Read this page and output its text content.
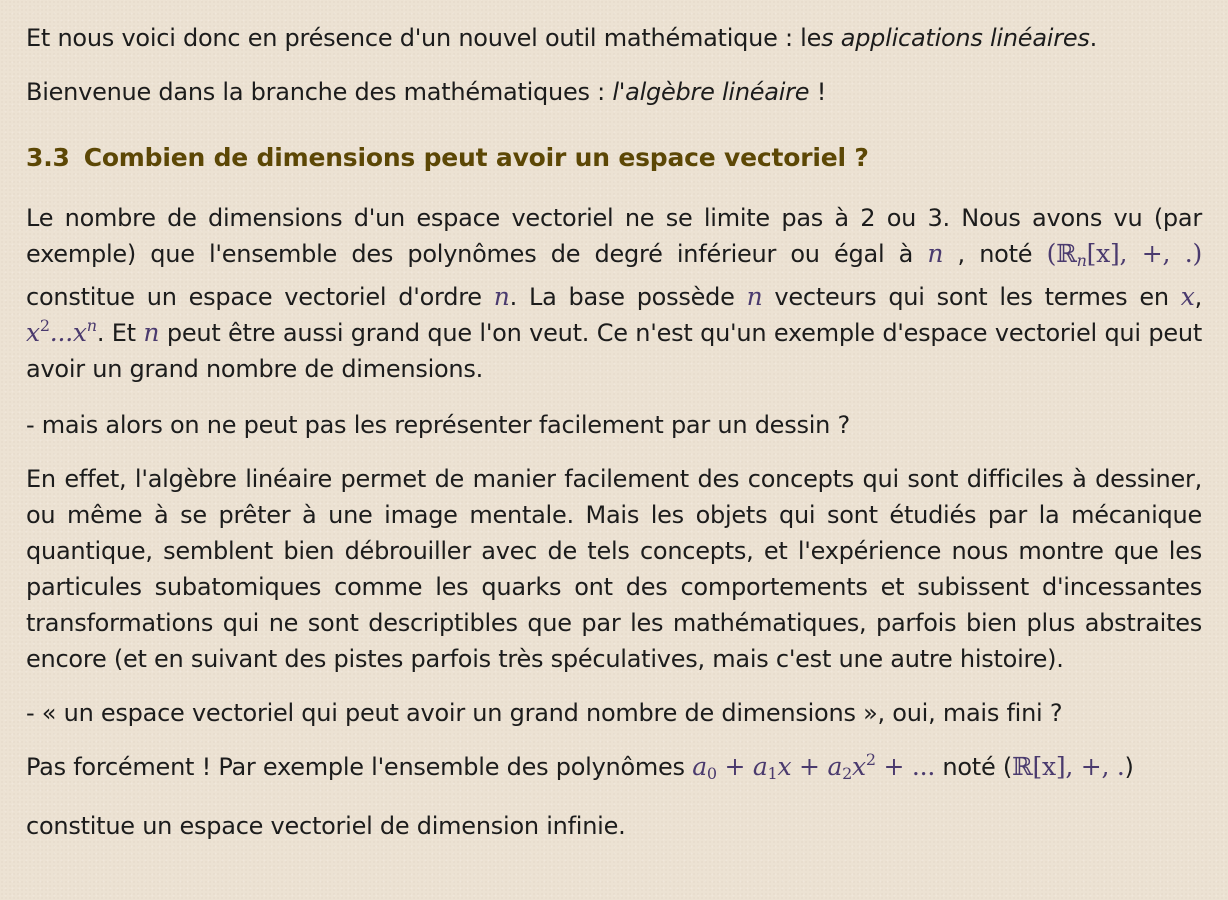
Et nous voici donc en présence d'un nouvel outil mathématique : les applications linéaires.

Bienvenue dans la branche des mathématiques : l'algèbre linéaire !

3.3 Combien de dimensions peut avoir un espace vectoriel ?

Le nombre de dimensions d'un espace vectoriel ne se limite pas à 2 ou 3. Nous avons vu (par exemple) que l'ensemble des polynômes de degré inférieur ou égal à n , noté (ℝ$_n$[x], +, .) constitue un espace vectoriel d'ordre n. La base possède n vecteurs qui sont les termes en x, $x^2...x^n$. Et n peut être aussi grand que l'on veut. Ce n'est qu'un exemple d'espace vectoriel qui peut avoir un grand nombre de dimensions.

- mais alors on ne peut pas les représenter facilement par un dessin ?

En effet, l'algèbre linéaire permet de manier facilement des concepts qui sont difficiles à dessiner, ou même à se prêter à une image mentale. Mais les objets qui sont étudiés par la mécanique quantique, semblent bien débrouiller avec de tels concepts, et l'expérience nous montre que les particules subatomiques comme les quarks ont des comportements et subissent d'incessantes transformations qui ne sont descriptibles que par les mathématiques, parfois bien plus abstraites encore (et en suivant des pistes parfois très spéculatives, mais c'est une autre histoire).

- « un espace vectoriel qui peut avoir un grand nombre de dimensions », oui, mais fini ?

Pas forcément ! Par exemple l'ensemble des polynômes $a_0 + a_1x + a_2x^2$ + ... noté (ℝ[x], +, .)

constitue un espace vectoriel de dimension infinie.
